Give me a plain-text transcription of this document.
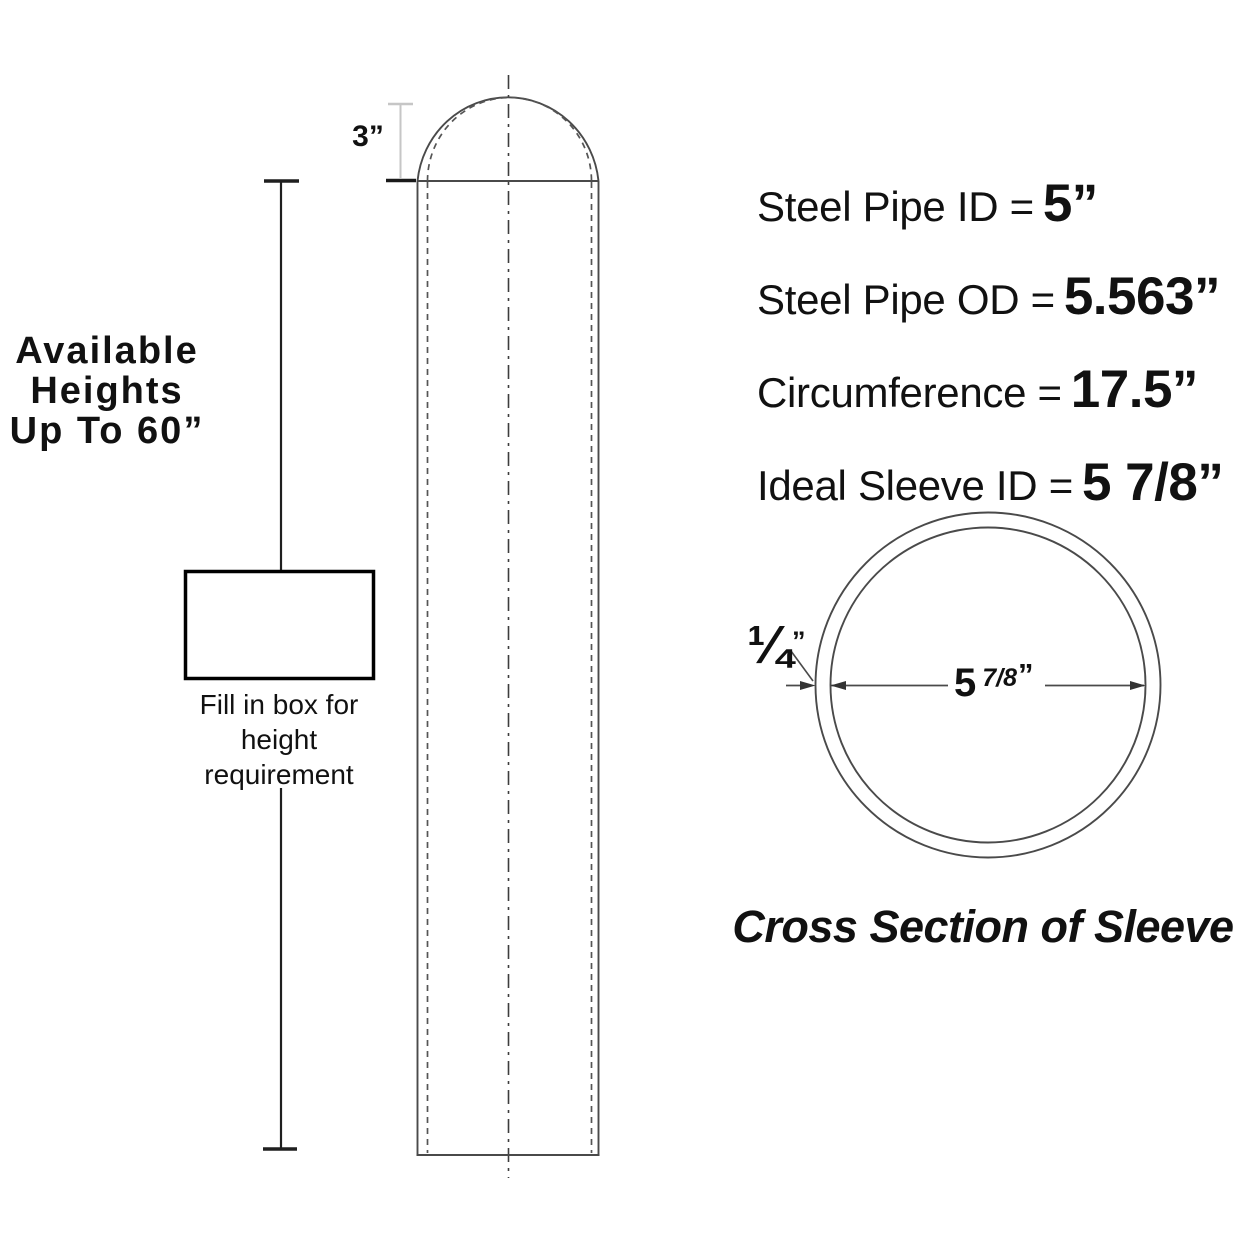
Available
Heights
Up To 60”
3”

Steel Pipe ID = 5”

Steel Pipe OD = 5.563”

Circumference = 17.5”

Ideal Sleeve ID = 5 7/8”

Fill in box for
height
requirement
¼ ”
5 7/8 ”
Cross Section of Sleeve
